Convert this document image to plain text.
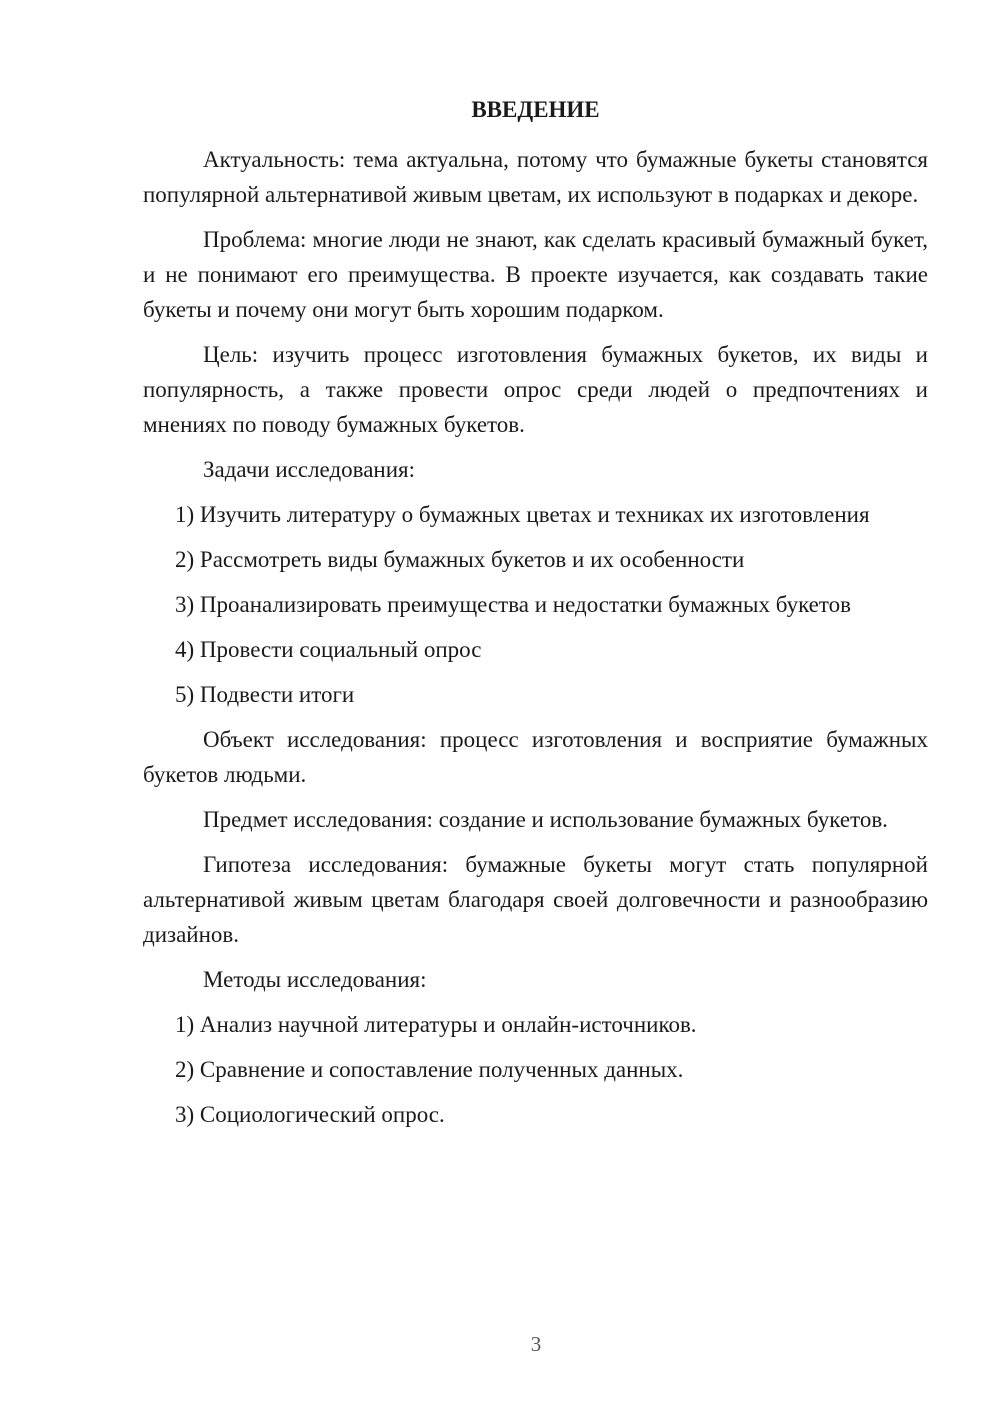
ВВЕДЕНИЕ

Актуальность: тема актуальна, потому что бумажные букеты становятся популярной альтернативой живым цветам, их используют в подарках и декоре.

Проблема: многие люди не знают, как сделать красивый бумажный букет, и не понимают его преимущества. В проекте изучается, как создавать такие букеты и почему они могут быть хорошим подарком.

Цель: изучить процесс изготовления бумажных букетов, их виды и популярность, а также провести опрос среди людей о предпочтениях и мнениях по поводу бумажных букетов.

Задачи исследования:

1) Изучить литературу о бумажных цветах и техниках их изготовления

2) Рассмотреть виды бумажных букетов и их особенности

3) Проанализировать преимущества и недостатки бумажных букетов

4) Провести социальный опрос

5) Подвести итоги

Объект исследования: процесс изготовления и восприятие бумажных букетов людьми.

Предмет исследования: создание и использование бумажных букетов.

Гипотеза исследования: бумажные букеты могут стать популярной альтернативой живым цветам благодаря своей долговечности и разнообразию дизайнов.

Методы исследования:

1) Анализ научной литературы и онлайн-источников.

2) Сравнение и сопоставление полученных данных.

3) Социологический опрос.

3
